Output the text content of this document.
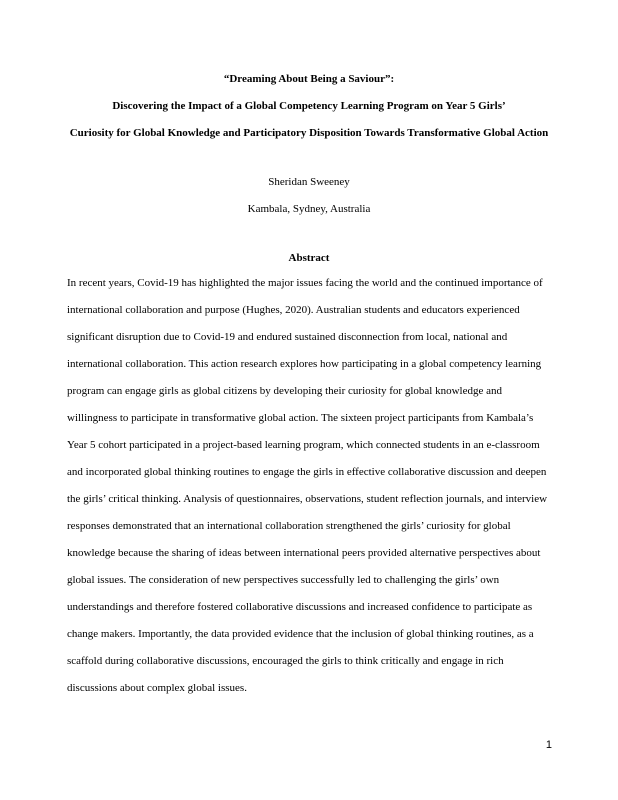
“Dreaming About Being a Saviour”:
Discovering the Impact of a Global Competency Learning Program on Year 5 Girls’
Curiosity for Global Knowledge and Participatory Disposition Towards Transformative Global Action
Sheridan Sweeney
Kambala, Sydney, Australia
Abstract
In recent years, Covid-19 has highlighted the major issues facing the world and the continued importance of
international collaboration and purpose (Hughes, 2020). Australian students and educators experienced
significant disruption due to Covid-19 and endured sustained disconnection from local, national and
international collaboration. This action research explores how participating in a global competency learning
program can engage girls as global citizens by developing their curiosity for global knowledge and
willingness to participate in transformative global action. The sixteen project participants from Kambala’s
Year 5 cohort participated in a project-based learning program, which connected students in an e-classroom
and incorporated global thinking routines to engage the girls in effective collaborative discussion and deepen
the girls’ critical thinking. Analysis of questionnaires, observations, student reflection journals, and interview
responses demonstrated that an international collaboration strengthened the girls’ curiosity for global
knowledge because the sharing of ideas between international peers provided alternative perspectives about
global issues. The consideration of new perspectives successfully led to challenging the girls’ own
understandings and therefore fostered collaborative discussions and increased confidence to participate as
change makers. Importantly, the data provided evidence that the inclusion of global thinking routines, as a
scaffold during collaborative discussions, encouraged the girls to think critically and engage in rich
discussions about complex global issues.
1
